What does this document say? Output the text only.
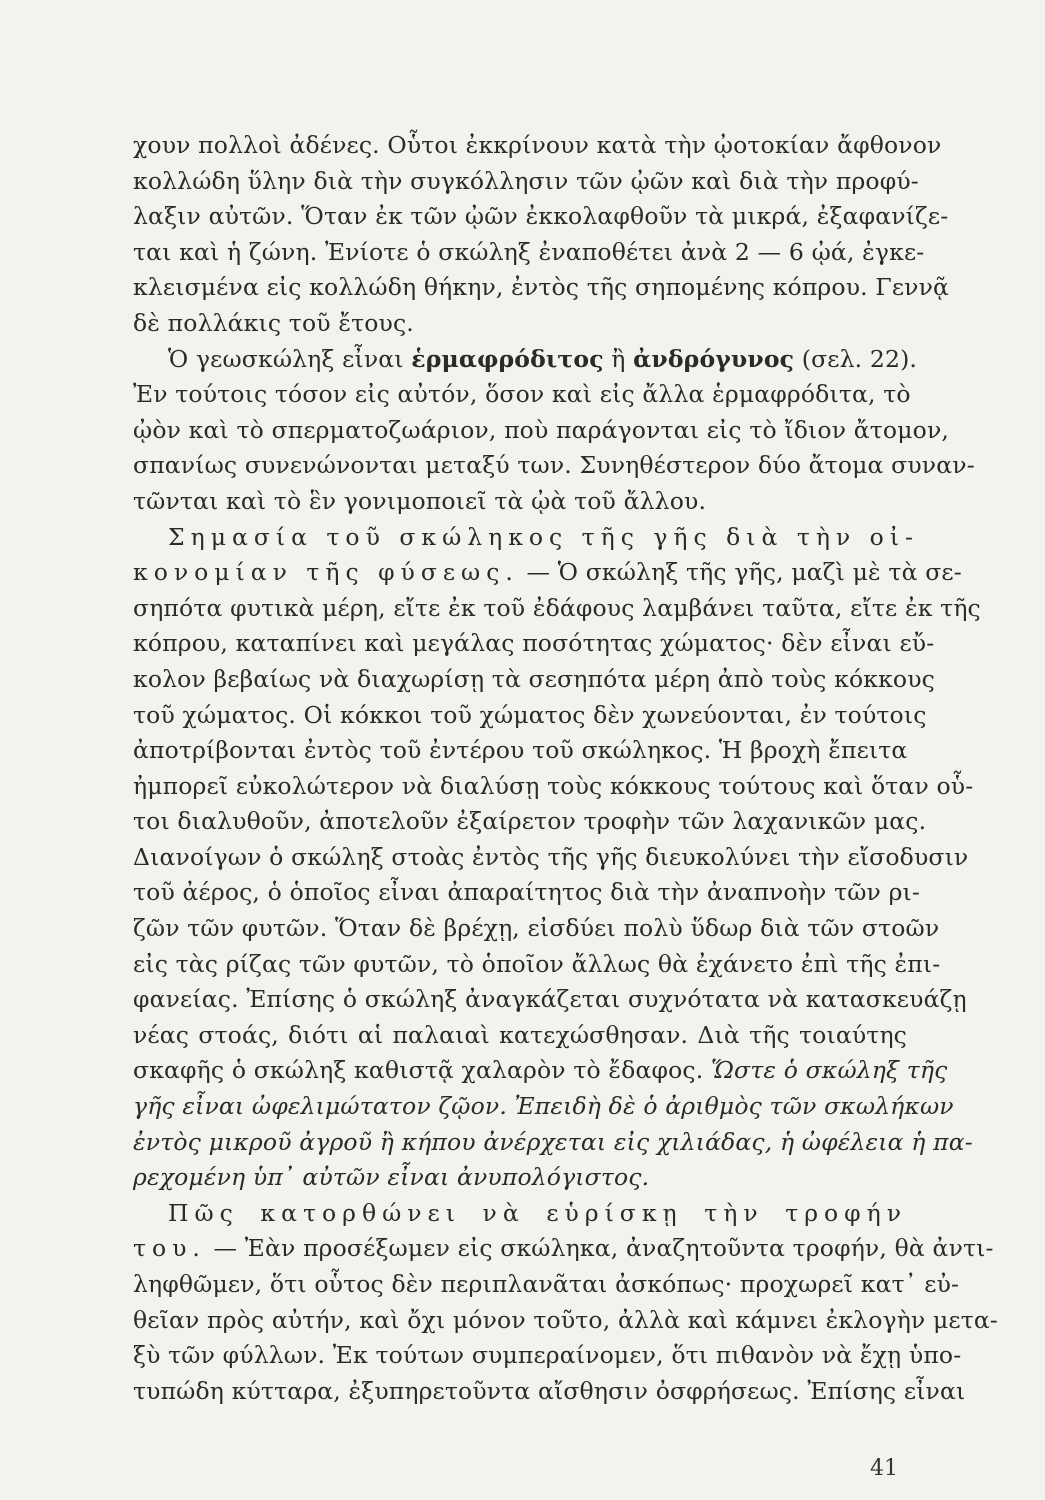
χουν πολλοὶ ἀδένες. Οὗτοι ἐκκρίνουν κατὰ τὴν ᾠοτοκίαν ἄφθονον
κολλώδη ὕλην διὰ τὴν συγκόλλησιν τῶν ᾠῶν καὶ διὰ τὴν προφύ-
λαξιν αὐτῶν. Ὅταν ἐκ τῶν ᾠῶν ἐκκολαφθοῦν τὰ μικρά, ἐξαφανίζε-
ται καὶ ἡ ζώνη. Ἐνίοτε ὁ σκώληξ ἐναποθέτει ἀνὰ 2 — 6 ᾠά, ἐγκε-
κλεισμένα εἰς κολλώδη θήκην, ἐντὸς τῆς σηπομένης κόπρου. Γεννᾷ
δὲ πολλάκις τοῦ ἔτους.
Ὁ γεωσκώληξ εἶναι ἑρμαφρόδιτος ἢ ἀνδρόγυνος (σελ. 22).
Ἐν τούτοις τόσον εἰς αὐτόν, ὅσον καὶ εἰς ἄλλα ἑρμαφρόδιτα, τὸ
ᾠὸν καὶ τὸ σπερματοζωάριον, ποὺ παράγονται εἰς τὸ ἴδιον ἄτομον,
σπανίως συνενώνονται μεταξύ των. Συνηθέστερον δύο ἄτομα συναν-
τῶνται καὶ τὸ ἓν γονιμοποιεῖ τὰ ᾠὰ τοῦ ἄλλου.
Σημασία τοῦ σκώληκος τῆς γῆς διὰ τὴν οἰ-
κονομίαν τῆς φύσεως. — Ὁ σκώληξ τῆς γῆς, μαζὶ μὲ τὰ σε-
σηπότα φυτικὰ μέρη, εἴτε ἐκ τοῦ ἐδάφους λαμβάνει ταῦτα, εἴτε ἐκ τῆς
κόπρου, καταπίνει καὶ μεγάλας ποσότητας χώματος· δὲν εἶναι εὔ-
κολον βεβαίως νὰ διαχωρίσῃ τὰ σεσηπότα μέρη ἀπὸ τοὺς κόκκους
τοῦ χώματος. Οἱ κόκκοι τοῦ χώματος δὲν χωνεύονται, ἐν τούτοις
ἀποτρίβονται ἐντὸς τοῦ ἐντέρου τοῦ σκώληκος. Ἡ βροχὴ ἔπειτα
ἠμπορεῖ εὐκολώτερον νὰ διαλύσῃ τοὺς κόκκους τούτους καὶ ὅταν οὗ-
τοι διαλυθοῦν, ἀποτελοῦν ἐξαίρετον τροφὴν τῶν λαχανικῶν μας.
Διανοίγων ὁ σκώληξ στοὰς ἐντὸς τῆς γῆς διευκολύνει τὴν εἴσοδυσιν
τοῦ ἀέρος, ὁ ὁποῖος εἶναι ἀπαραίτητος διὰ τὴν ἀναπνοὴν τῶν ρι-
ζῶν τῶν φυτῶν. Ὅταν δὲ βρέχῃ, εἰσδύει πολὺ ὕδωρ διὰ τῶν στοῶν
εἰς τὰς ρίζας τῶν φυτῶν, τὸ ὁποῖον ἄλλως θὰ ἐχάνετο ἐπὶ τῆς ἐπι-
φανείας. Ἐπίσης ὁ σκώληξ ἀναγκάζεται συχνότατα νὰ κατασκευάζῃ
νέας στοάς, διότι αἱ παλαιαὶ κατεχώσθησαν. Διὰ τῆς τοιαύτης
σκαφῆς ὁ σκώληξ καθιστᾷ χαλαρὸν τὸ ἔδαφος. Ὥστε ὁ σκώληξ τῆς
γῆς εἶναι ὠφελιμώτατον ζῷον. Ἐπειδὴ δὲ ὁ ἀριθμὸς τῶν σκωλήκων
ἐντὸς μικροῦ ἀγροῦ ἢ κήπου ἀνέρχεται εἰς χιλιάδας, ἡ ὠφέλεια ἡ πα-
ρεχομένη ὑπ᾽ αὐτῶν εἶναι ἀνυπολόγιστος.
Πῶς κατορθώνει νὰ εὑρίσκῃ τὴν τροφήν
του. — Ἐὰν προσέξωμεν εἰς σκώληκα, ἀναζητοῦντα τροφήν, θὰ ἀντι-
ληφθῶμεν, ὅτι οὗτος δὲν περιπλανᾶται ἀσκόπως· προχωρεῖ κατ᾽ εὐ-
θεῖαν πρὸς αὐτήν, καὶ ὄχι μόνον τοῦτο, ἀλλὰ καὶ κάμνει ἐκλογὴν μετα-
ξὺ τῶν φύλλων. Ἐκ τούτων συμπεραίνομεν, ὅτι πιθανὸν νὰ ἔχῃ ὑπο-
τυπώδη κύτταρα, ἐξυπηρετοῦντα αἴσθησιν ὀσφρήσεως. Ἐπίσης εἶναι
41
